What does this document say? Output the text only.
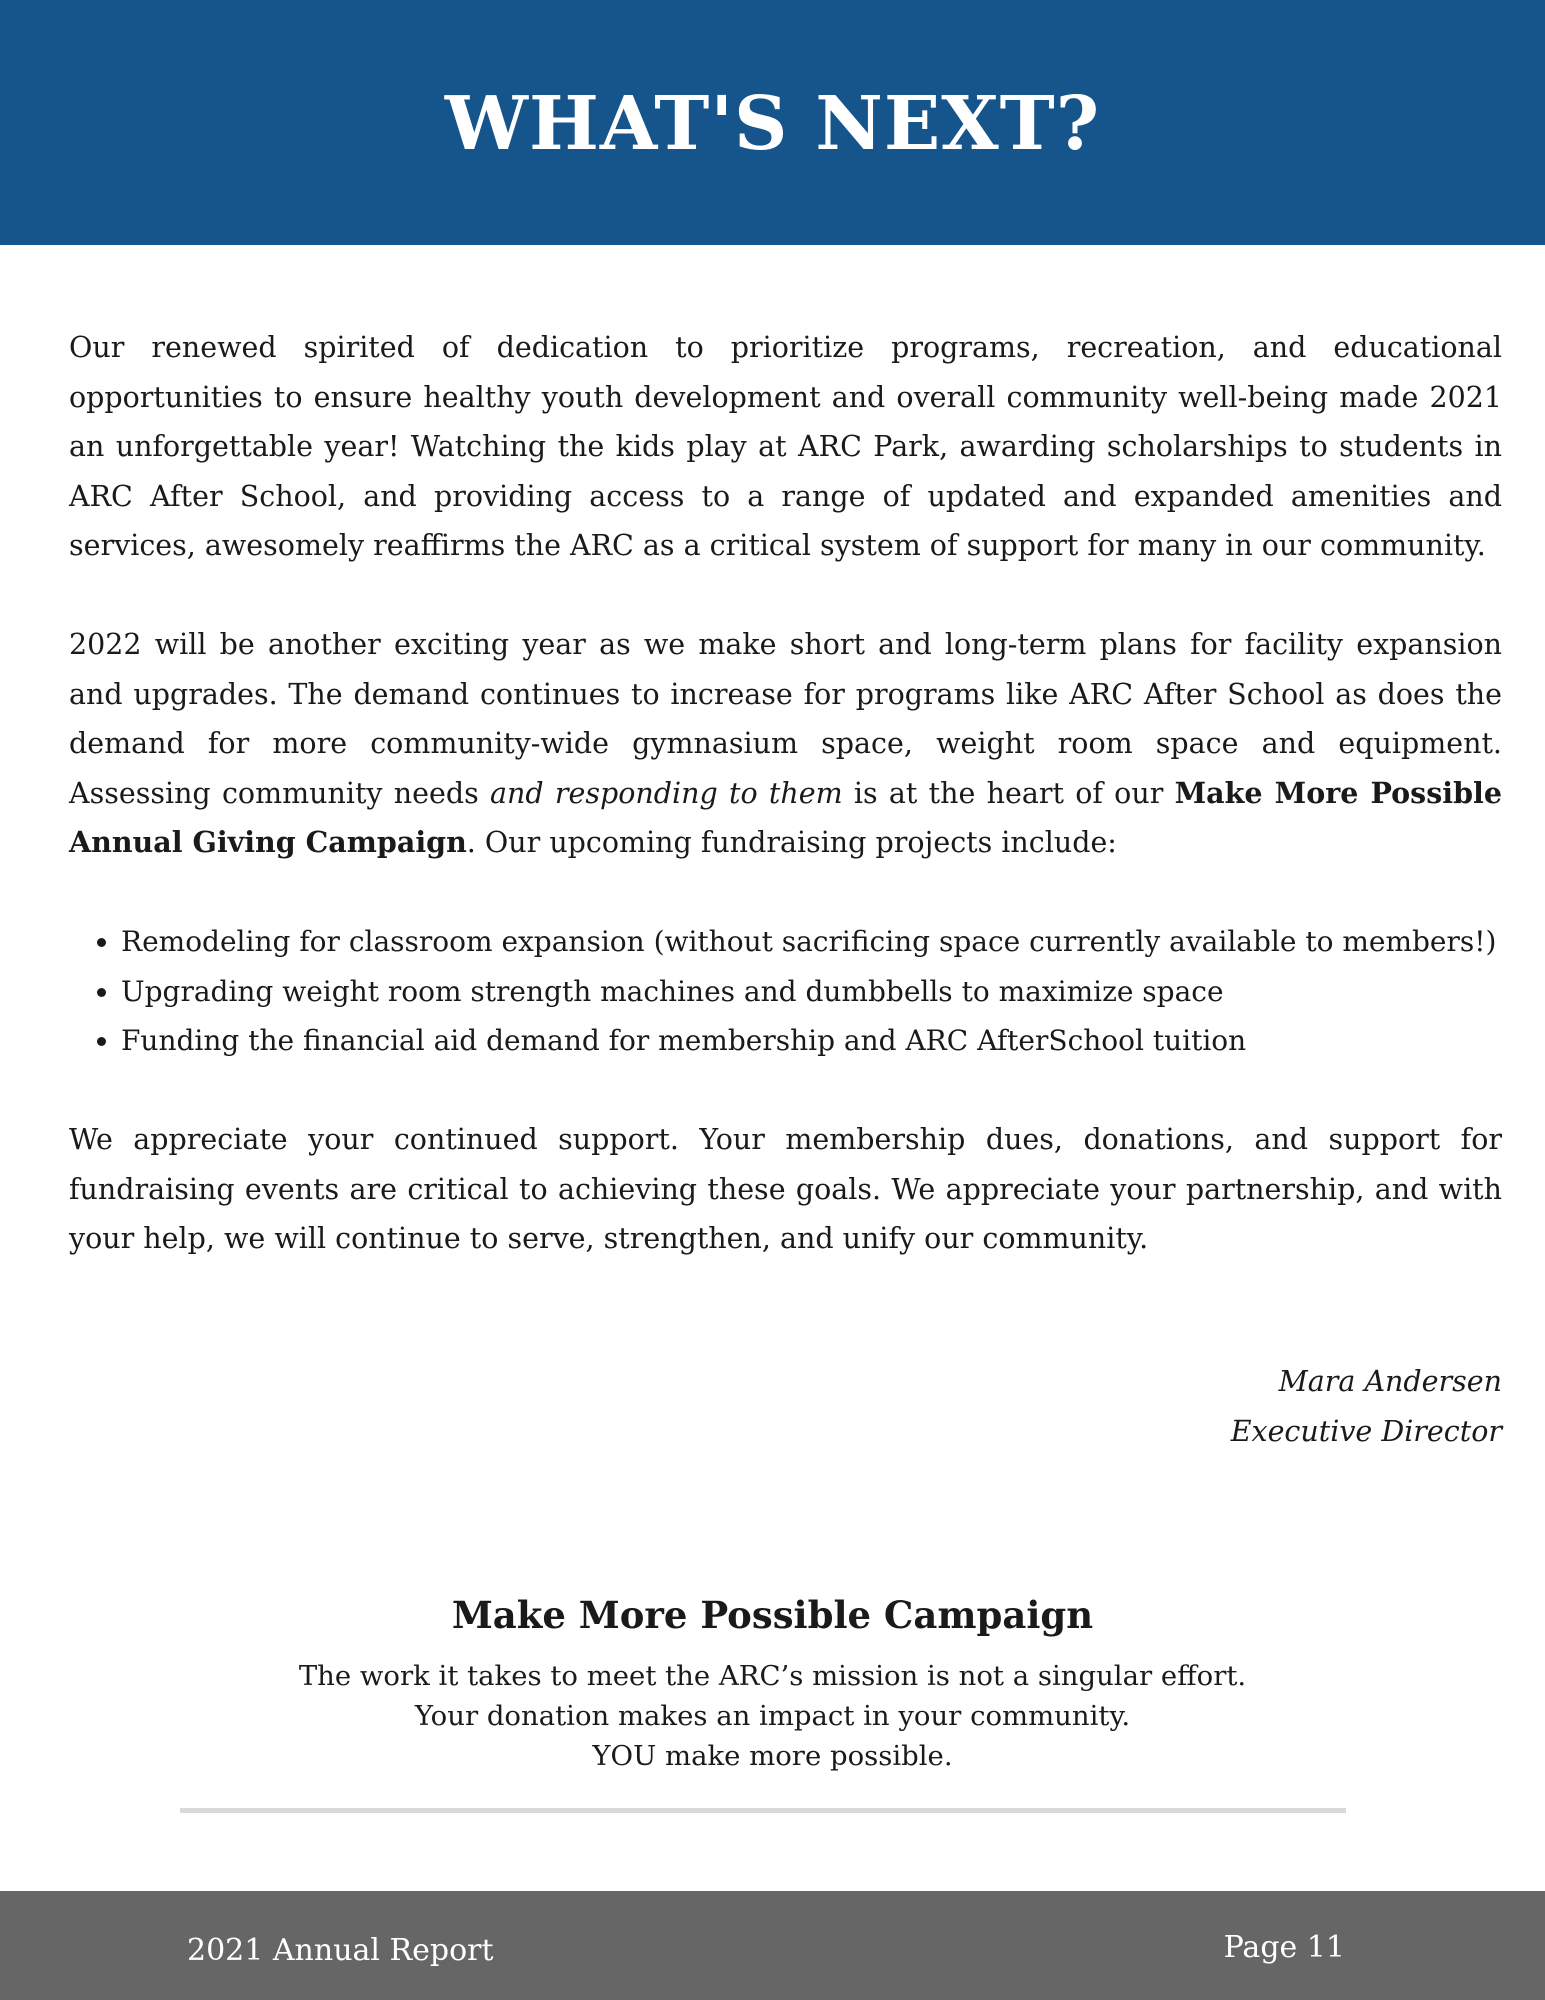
WHAT'S NEXT?

Our renewed spirited of dedication to prioritize programs, recreation, and educational opportunities to ensure healthy youth development and overall community well-being made 2021 an unforgettable year! Watching the kids play at ARC Park, awarding scholarships to students in ARC After School, and providing access to a range of updated and expanded amenities and services, awesomely reaffirms the ARC as a critical system of support for many in our community.

2022 will be another exciting year as we make short and long-term plans for facility expansion and upgrades. The demand continues to increase for programs like ARC After School as does the demand for more community-wide gymnasium space, weight room space and equipment. Assessing community needs and responding to them is at the heart of our Make More Possible Annual Giving Campaign. Our upcoming fundraising projects include:

• Remodeling for classroom expansion (without sacrificing space currently available to members!)
• Upgrading weight room strength machines and dumbbells to maximize space
• Funding the financial aid demand for membership and ARC AfterSchool tuition

We appreciate your continued support. Your membership dues, donations, and support for fundraising events are critical to achieving these goals. We appreciate your partnership, and with your help, we will continue to serve, strengthen, and unify our community.

Mara Andersen
Executive Director
Make More Possible Campaign
The work it takes to meet the ARC’s mission is not a singular effort.
Your donation makes an impact in your community.
YOU make more possible.
2021 Annual Report	Page 11
